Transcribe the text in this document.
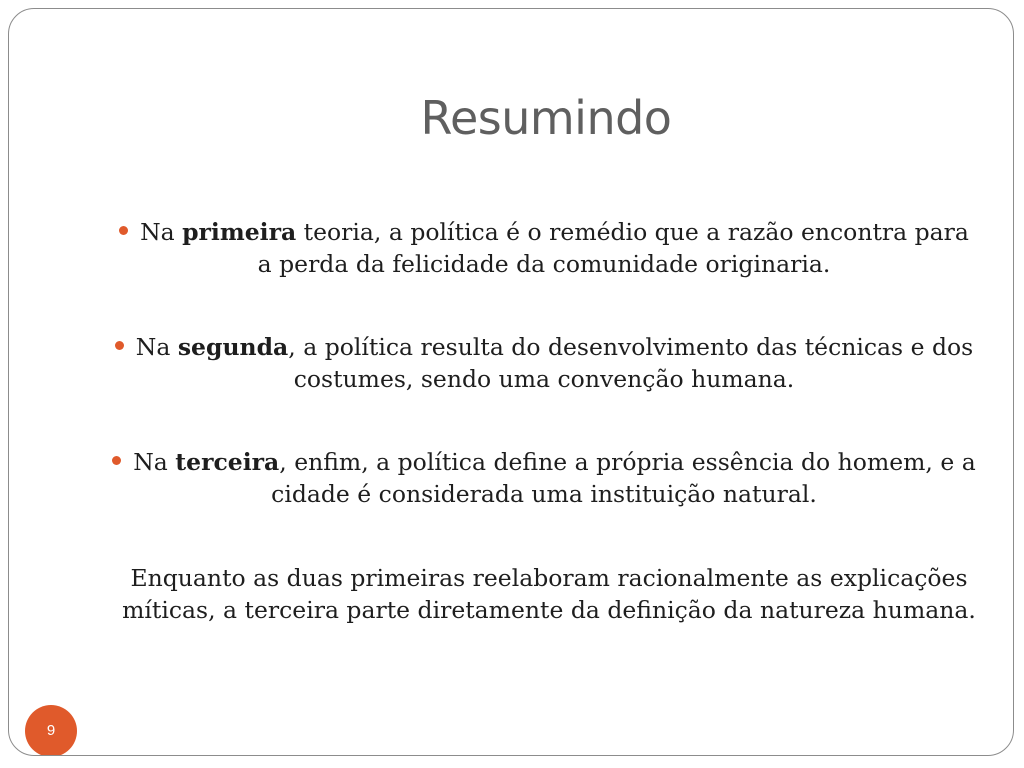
Resumindo
Na primeira teoria, a política é o remédio que a razão encontra para a perda da felicidade da comunidade originaria.
Na segunda, a política resulta do desenvolvimento das técnicas e dos costumes, sendo uma convenção humana.
Na terceira, enfim, a política define a própria essência do homem, e a cidade é considerada uma instituição natural.
Enquanto as duas primeiras reelaboram racionalmente as explicações míticas, a terceira parte diretamente da definição da natureza humana.
9
